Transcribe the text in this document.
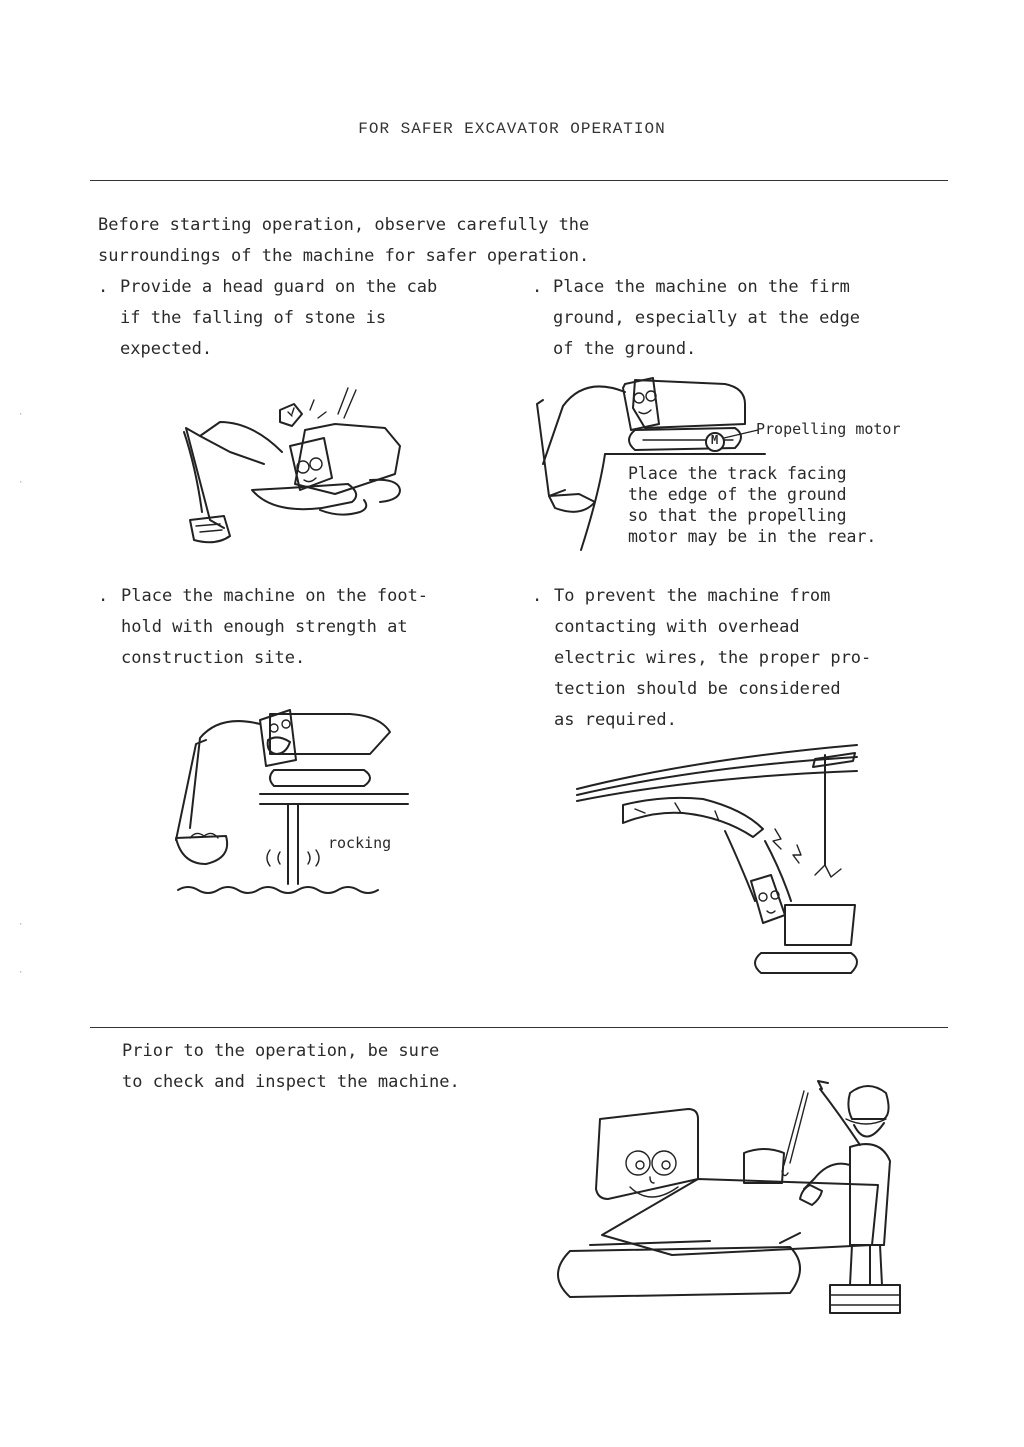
FOR SAFER EXCAVATOR OPERATION
·
·
·
·
Before starting operation, observe carefully the
surroundings of the machine for safer operation.
. Provide a head guard on the cab
if the falling of stone is
expected.
. Place the machine on the firm
ground, especially at the edge
of the ground.
M
Propelling motor
Place the track facing
the edge of the ground
so that the propelling
motor may be in the rear.
. Place the machine on the foot-
hold with enough strength at
construction site.
. To prevent the machine from
contacting with overhead
electric wires, the proper pro-
tection should be considered
as required.
rocking
Prior to the operation, be sure
to check and inspect the machine.
